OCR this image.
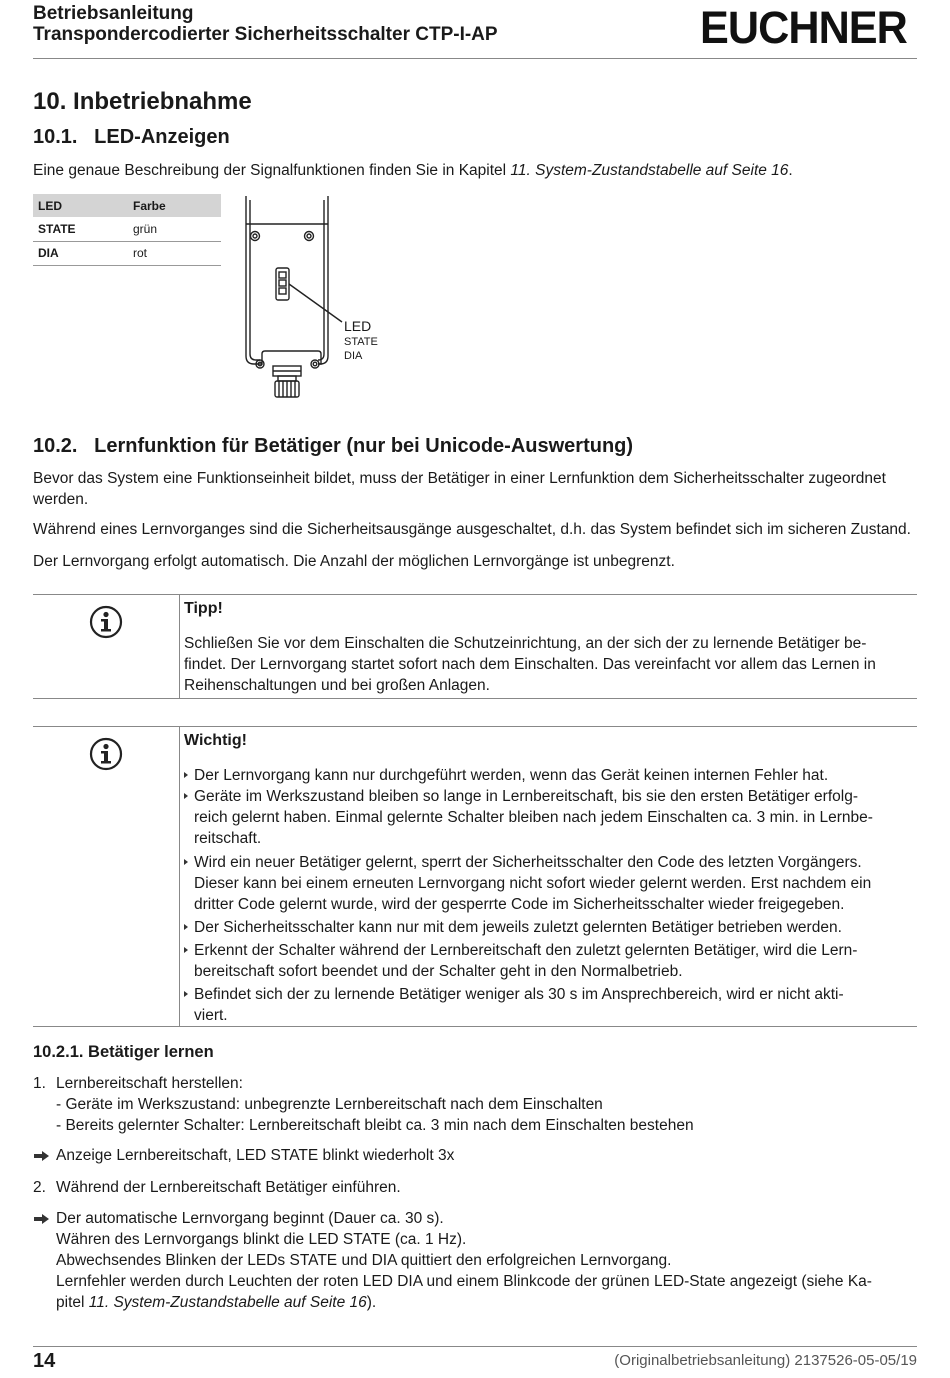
Betriebsanleitung
Transpondercodierter Sicherheitsschalter CTP-I-AP	EUCHNER
10. Inbetriebnahme
10.1.   LED-Anzeigen
Eine genaue Beschreibung der Signalfunktionen finden Sie in Kapitel 11. System-Zustandstabelle auf Seite 16.
LED	Farbe
STATE	grün
DIA	rot
LED
STATE
DIA
10.2.   Lernfunktion für Betätiger (nur bei Unicode-Auswertung)
Bevor das System eine Funktionseinheit bildet, muss der Betätiger in einer Lernfunktion dem Sicherheitsschalter zugeordnet
werden.
Während eines Lernvorganges sind die Sicherheitsausgänge ausgeschaltet, d.h. das System befindet sich im sicheren Zustand.
Der Lernvorgang erfolgt automatisch. Die Anzahl der möglichen Lernvorgänge ist unbegrenzt.
Tipp!
Schließen Sie vor dem Einschalten die Schutzeinrichtung, an der sich der zu lernende Betätiger be-
findet. Der Lernvorgang startet sofort nach dem Einschalten. Das vereinfacht vor allem das Lernen in
Reihenschaltungen und bei großen Anlagen.
Wichtig!
Der Lernvorgang kann nur durchgeführt werden, wenn das Gerät keinen internen Fehler hat.
Geräte im Werkszustand bleiben so lange in Lernbereitschaft, bis sie den ersten Betätiger erfolg-
reich gelernt haben. Einmal gelernte Schalter bleiben nach jedem Einschalten ca. 3 min. in Lernbe-
reitschaft.
Wird ein neuer Betätiger gelernt, sperrt der Sicherheitsschalter den Code des letzten Vorgängers.
Dieser kann bei einem erneuten Lernvorgang nicht sofort wieder gelernt werden. Erst nachdem ein
dritter Code gelernt wurde, wird der gesperrte Code im Sicherheitsschalter wieder freigegeben.
Der Sicherheitsschalter kann nur mit dem jeweils zuletzt gelernten Betätiger betrieben werden.
Erkennt der Schalter während der Lernbereitschaft den zuletzt gelernten Betätiger, wird die Lern-
bereitschaft sofort beendet und der Schalter geht in den Normalbetrieb.
Befindet sich der zu lernende Betätiger weniger als 30 s im Ansprechbereich, wird er nicht akti-
viert.
10.2.1. Betätiger lernen
1. Lernbereitschaft herstellen:
- Geräte im Werkszustand: unbegrenzte Lernbereitschaft nach dem Einschalten
- Bereits gelernter Schalter: Lernbereitschaft bleibt ca. 3 min nach dem Einschalten bestehen
Anzeige Lernbereitschaft, LED STATE blinkt wiederholt 3x
2. Während der Lernbereitschaft Betätiger einführen.
Der automatische Lernvorgang beginnt (Dauer ca. 30 s).
Währen des Lernvorgangs blinkt die LED STATE (ca. 1 Hz).
Abwechsendes Blinken der LEDs STATE und DIA quittiert den erfolgreichen Lernvorgang.
Lernfehler werden durch Leuchten der roten LED DIA und einem Blinkcode der grünen LED-State angezeigt (siehe Ka-
pitel 11. System-Zustandstabelle auf Seite 16).
14	(Originalbetriebsanleitung) 2137526-05-05/19
